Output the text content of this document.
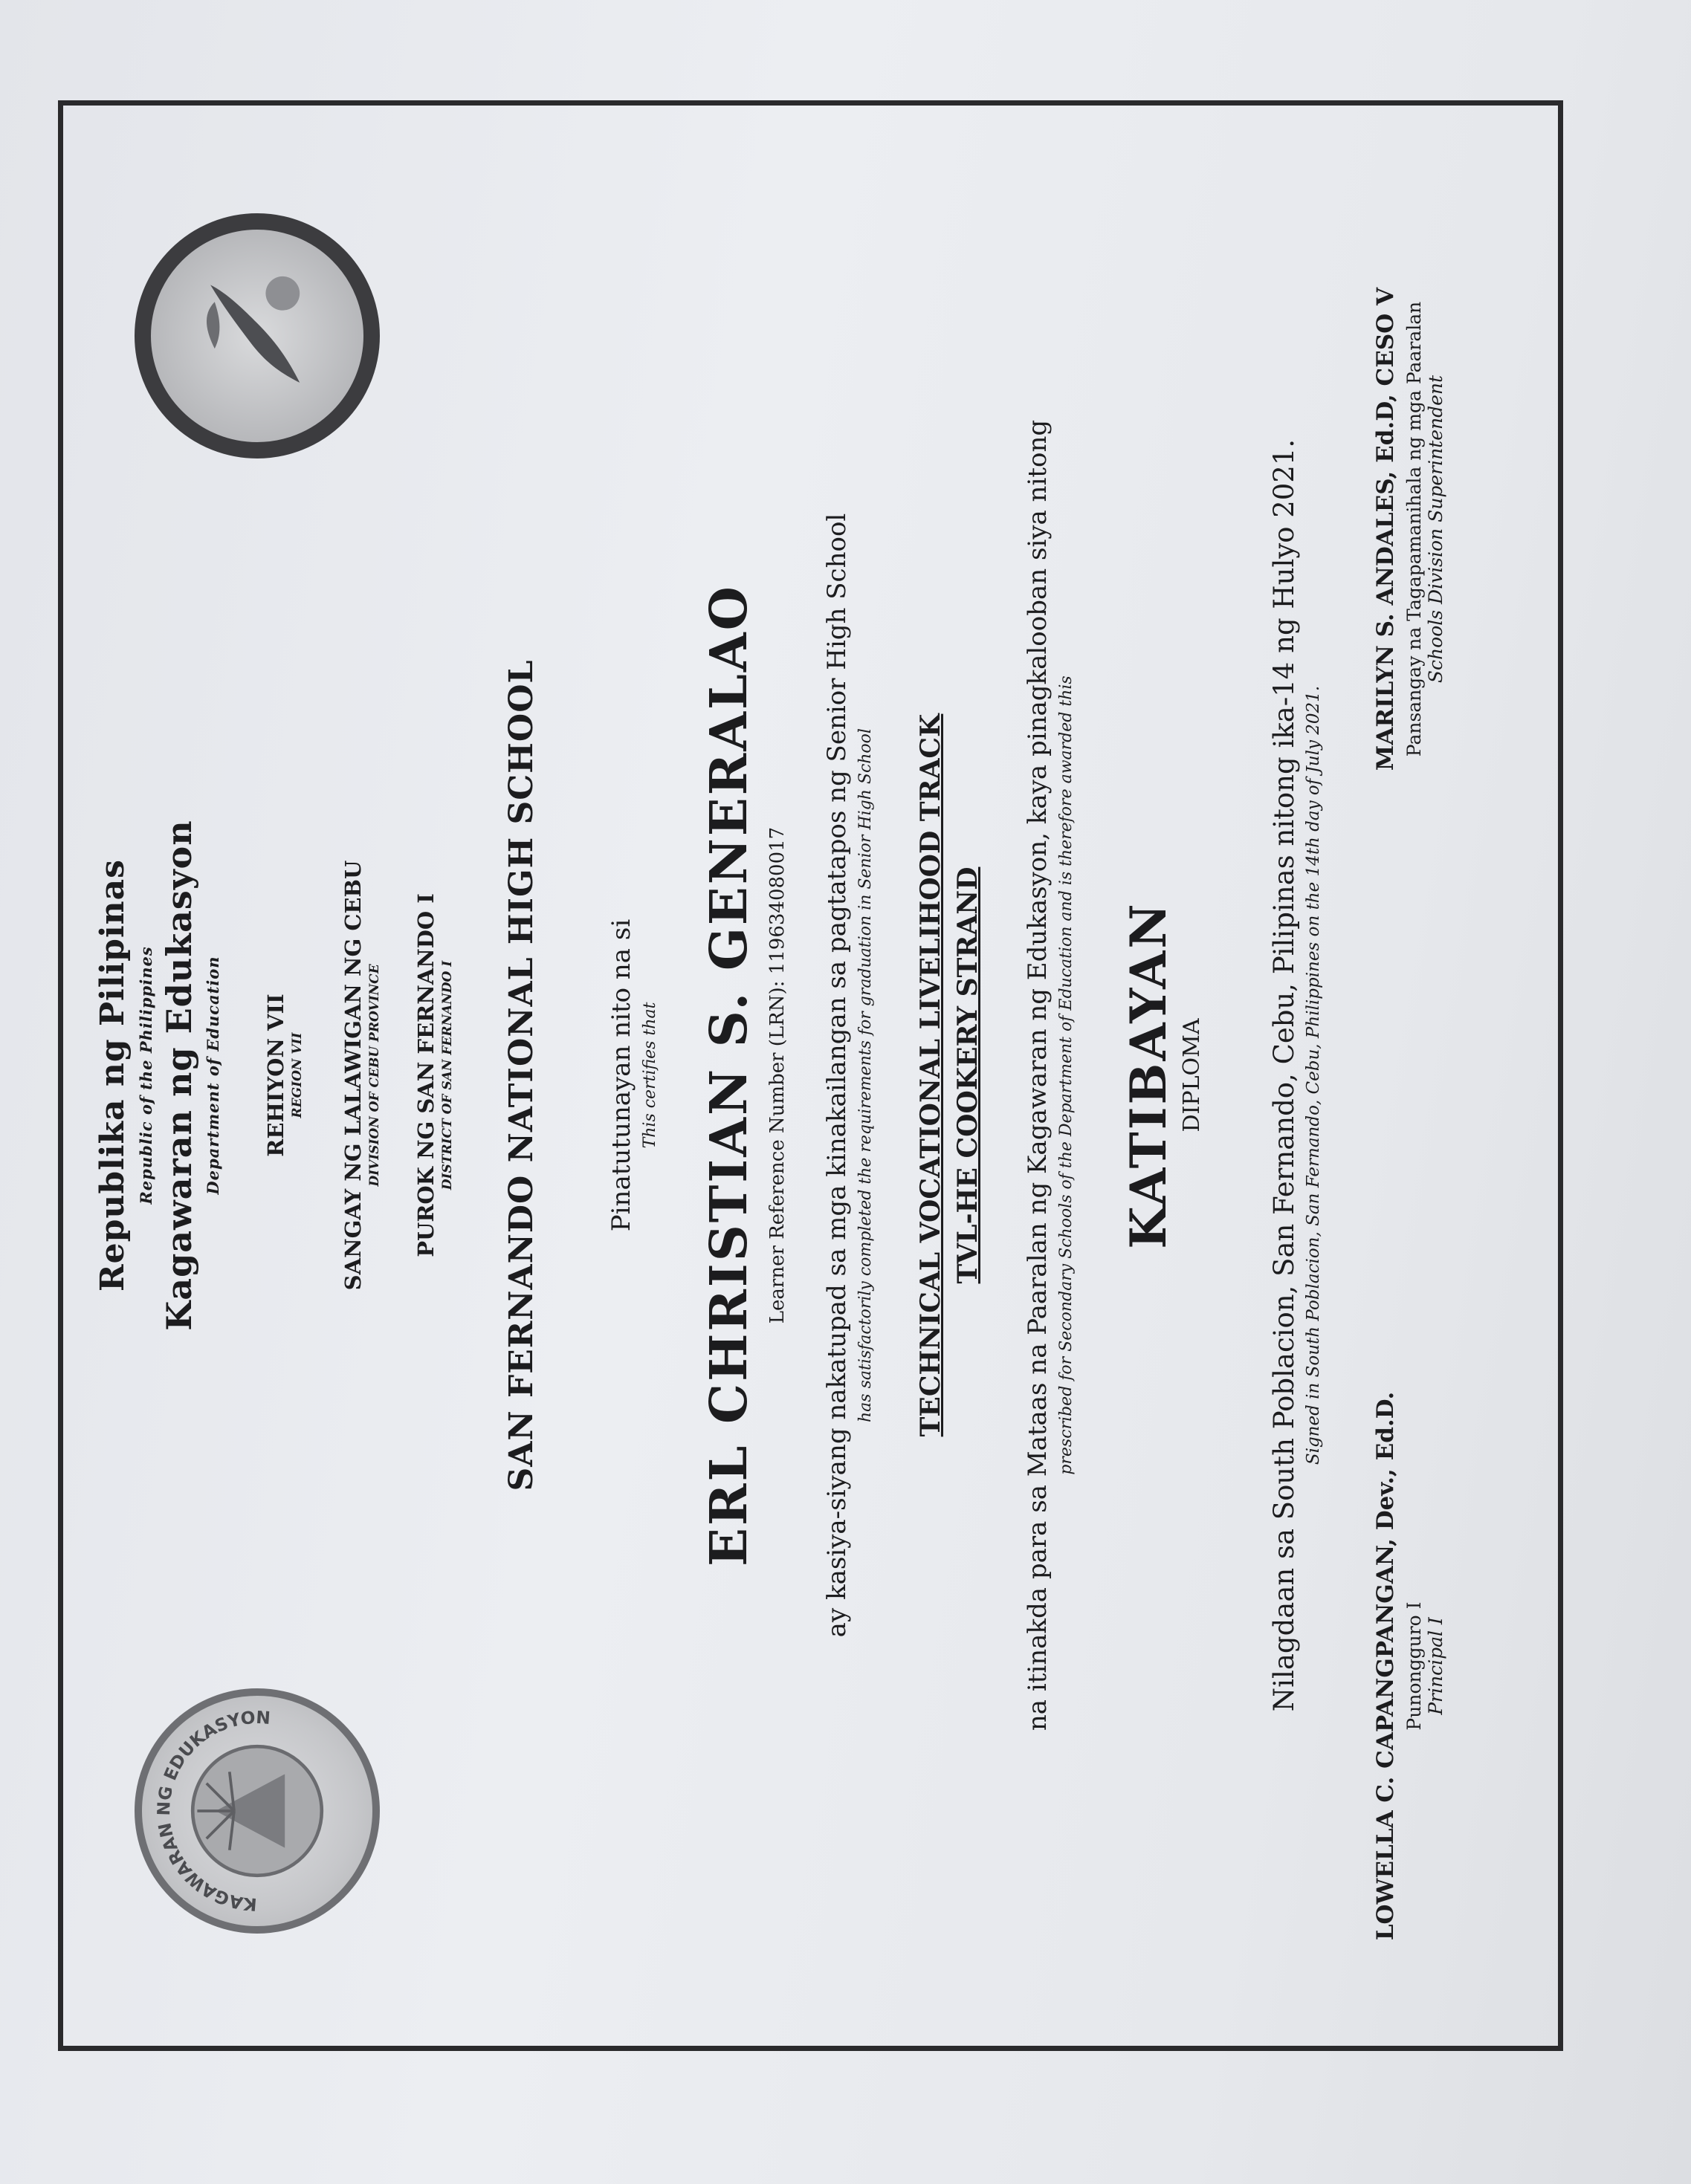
KAGAWARAN NG EDUKASYON
Republika ng Pilipinas Republic of the Philippines Kagawaran ng Edukasyon Department of Education REHIYON VII REGION VII SANGAY NG LALAWIGAN NG CEBU DIVISION OF CEBU PROVINCE PUROK NG SAN FERNANDO I DISTRICT OF SAN FERNANDO I SAN FERNANDO NATIONAL HIGH SCHOOL	Pinatutunayan nito na si This certifies that ERL CHRISTIAN S. GENERALAO Learner Reference Number (LRN): 119634080017 ay kasiya-siyang nakatupad sa mga kinakailangan sa pagtatapos ng Senior High School has satisfactorily completed the requirements for graduation in Senior High School TECHNICAL VOCATIONAL LIVELIHOOD TRACK TVL-HE COOKERY STRAND na itinakda para sa Mataas na Paaralan ng Kagawaran ng Edukasyon, kaya pinagkaloob​an siya nitong prescribed for Secondary Schools of the Department of Education and is therefore awarded this KATIBAYAN DIPLOMA Nilagdaan sa South Poblacion, San Fernando, Cebu, Pilipinas nitong ika-14 ng Hulyo 2021. Signed in South Poblacion, San Fernando, Cebu, Philippines on the 14th day of July 2021.
LOWELLA C. CAPANGPANGAN, Dev., Ed.D. Punongguro I Principal I
MARILYN S. ANDALES, Ed.D, CESO V Pansangay na Tagapamanihala ng mga Paaralan Schools Division Superintendent
